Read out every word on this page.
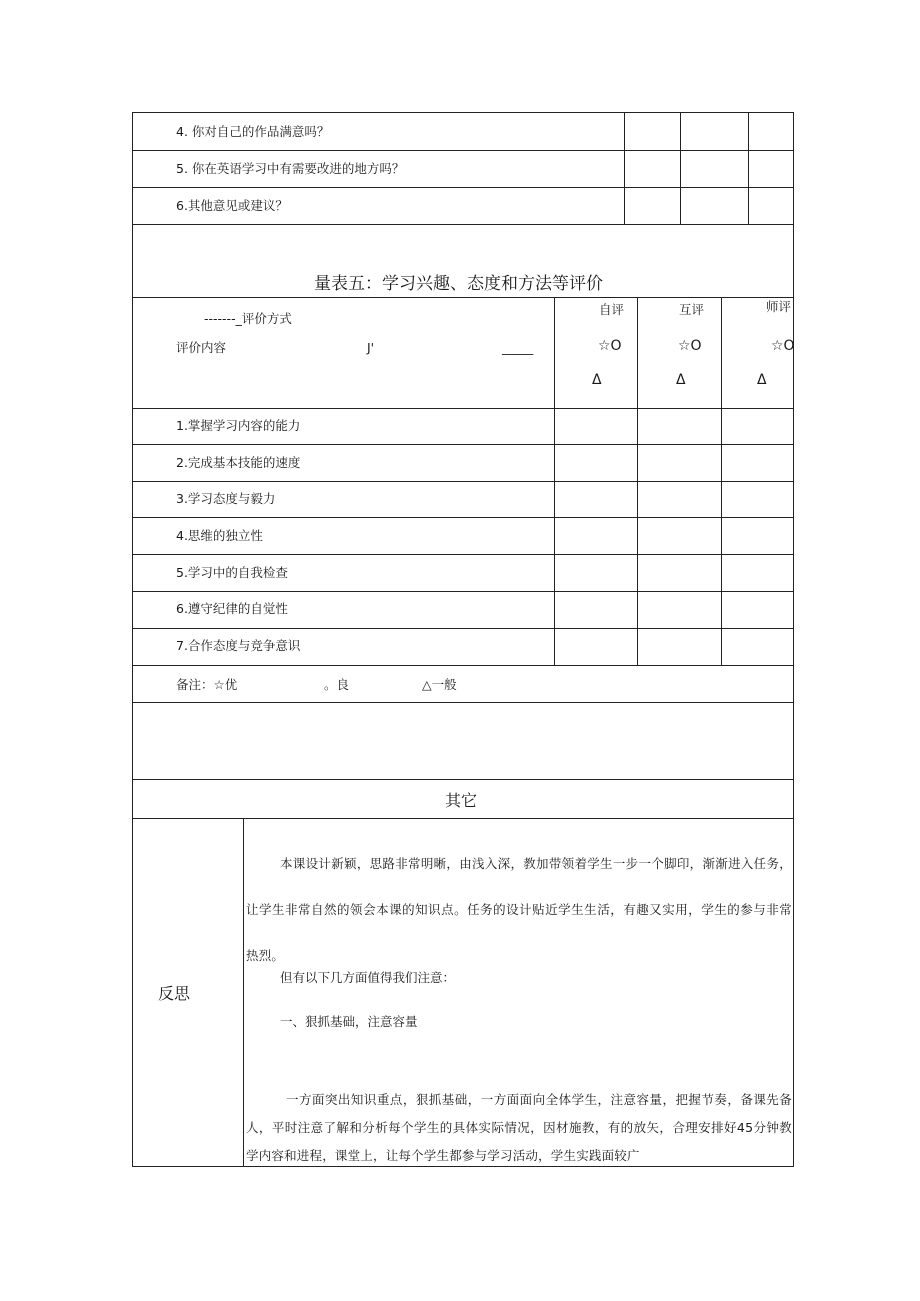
4. 你对自己的作品满意吗？
5. 你在英语学习中有需要改进的地方吗？
6.其他意见或建议？
量表五：学习兴趣、态度和方法等评价
-------_评价方式
评价内容	J'	_____
自评	互评	师评
☆O	☆O	☆O
Δ	Δ	Δ
1.掌握学习内容的能力
2.完成基本技能的速度
3.学习态度与毅力
4.思维的独立性
5.学习中的自我检查
6.遵守纪律的自觉性
7.合作态度与竞争意识
备注：☆优	。良	△一般
其它
反思
本课设计新颖，思路非常明晰，由浅入深，教加带领着学生一步一个脚印，渐渐进入任务，让学生非常自然的领会本课的知识点。任务的设计贴近学生生活，有趣又实用，学生的参与非常热烈。
但有以下几方面值得我们注意：
一、狠抓基础，注意容量
一方面突出知识重点，狠抓基础，一方面面向全体学生，注意容量，把握节奏，备课先备人，平时注意了解和分析每个学生的具体实际情况，因材施教，有的放矢，合理安排好45分钟教学内容和进程，课堂上，让每个学生都参与学习活动，学生实践面较广
